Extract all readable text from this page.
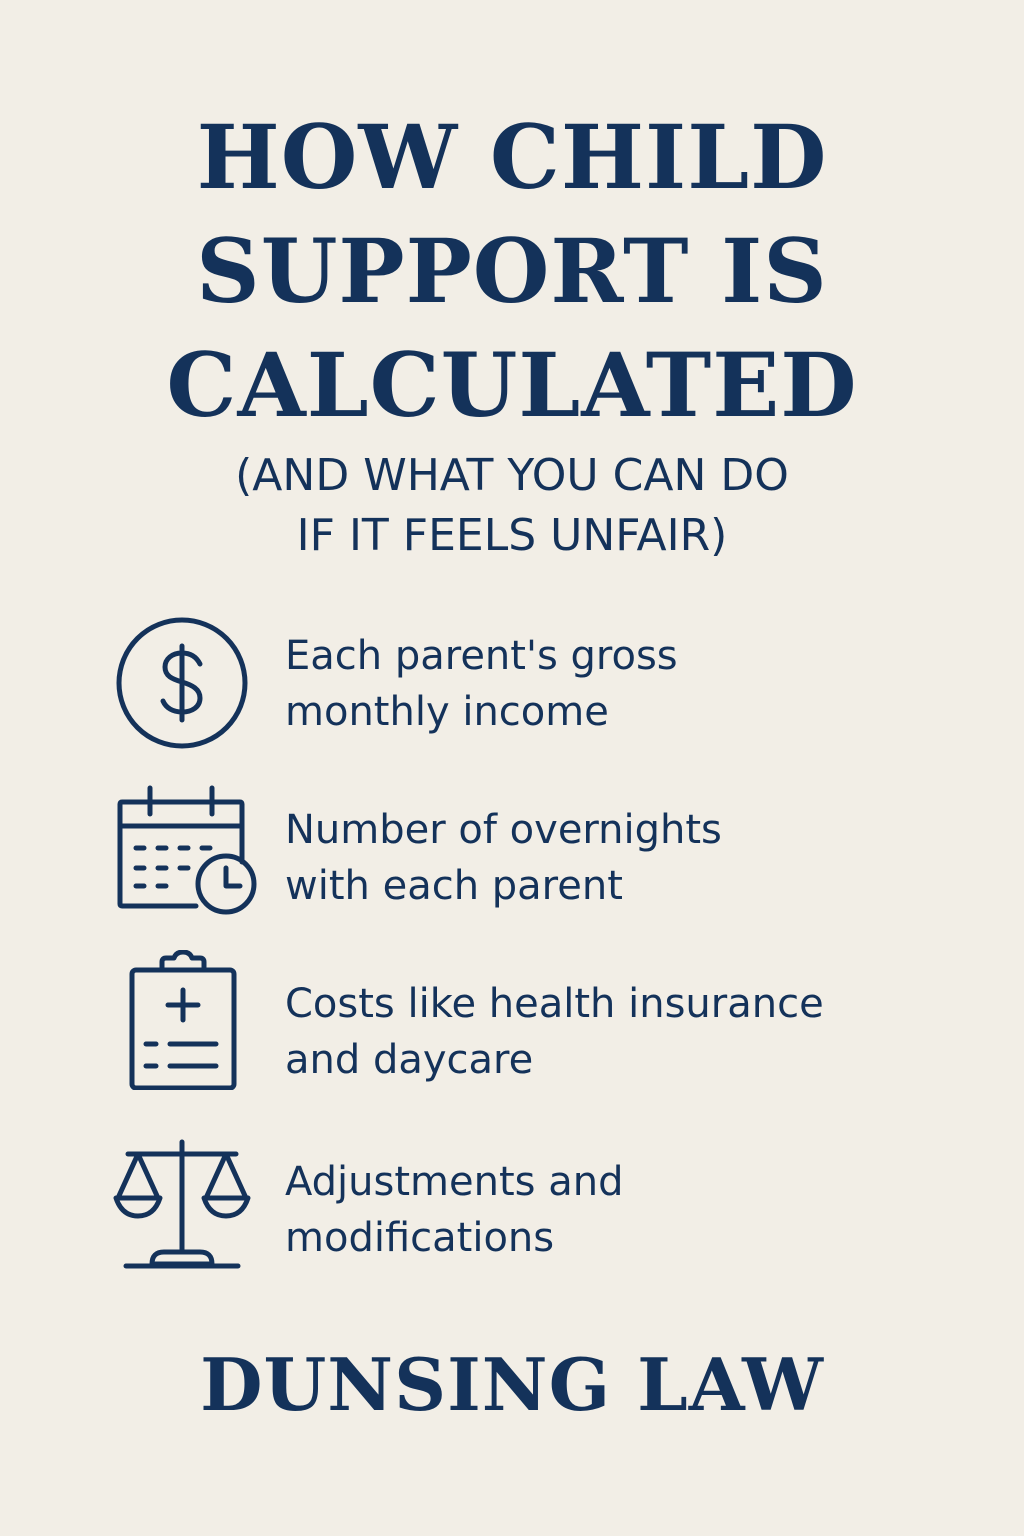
HOW CHILD
SUPPORT IS
CALCULATED
(AND WHAT YOU CAN DO
IF IT FEELS UNFAIR)
Each parent's gross
monthly income
Number of overnights
with each parent
Costs like health insurance
and daycare
Adjustments and
modifications
DUNSING LAW
